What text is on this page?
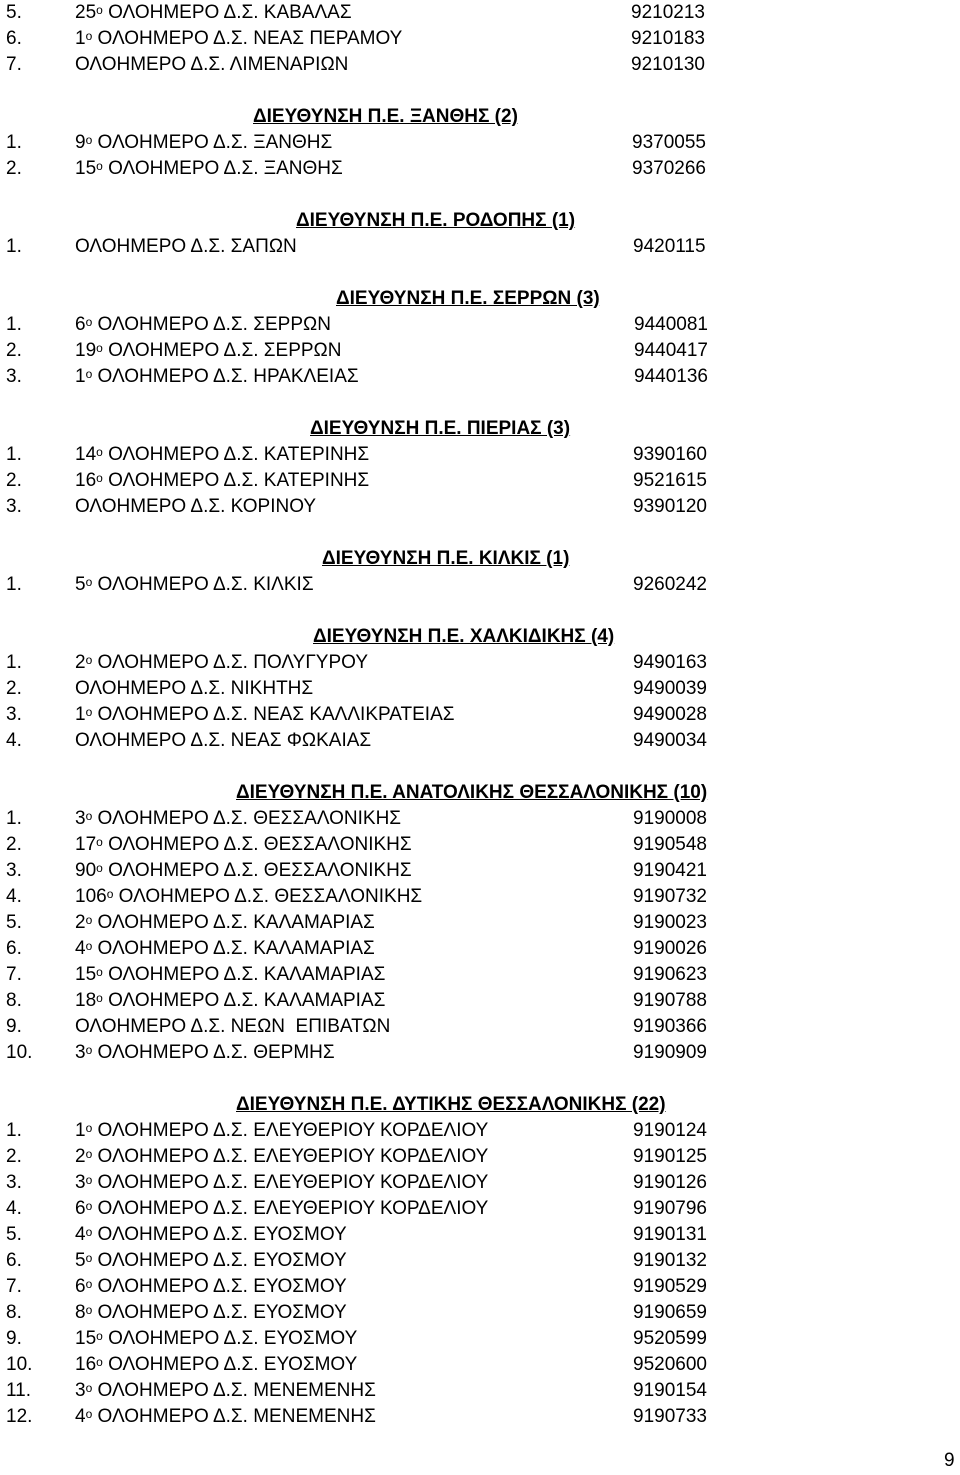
5.	$25^o$ ΟΛΟΗΜΕΡΟ Δ.Σ. ΚΑΒΑΛΑΣ	9210213
6.	$1^o$ ΟΛΟΗΜΕΡΟ Δ.Σ. ΝΕΑΣ ΠΕΡΑΜΟΥ	9210183
7.	ΟΛΟΗΜΕΡΟ Δ.Σ. ΛΙΜΕΝΑΡΙΩΝ	9210130
ΔΙΕΥΘΥΝΣΗ Π.Ε. ΞΑΝΘΗΣ (2)
1.	$9^o$ ΟΛΟΗΜΕΡΟ Δ.Σ. ΞΑΝΘΗΣ	9370055
2.	$15^o$ ΟΛΟΗΜΕΡΟ Δ.Σ. ΞΑΝΘΗΣ	9370266
ΔΙΕΥΘΥΝΣΗ Π.Ε. ΡΟΔΟΠΗΣ (1)
1.	ΟΛΟΗΜΕΡΟ Δ.Σ. ΣΑΠΩΝ	9420115
ΔΙΕΥΘΥΝΣΗ Π.Ε. ΣΕΡΡΩΝ (3)
1.	$6^o$ ΟΛΟΗΜΕΡΟ Δ.Σ. ΣΕΡΡΩΝ	9440081
2.	$19^o$ ΟΛΟΗΜΕΡΟ Δ.Σ. ΣΕΡΡΩΝ	9440417
3.	$1^o$ ΟΛΟΗΜΕΡΟ Δ.Σ. ΗΡΑΚΛΕΙΑΣ	9440136
ΔΙΕΥΘΥΝΣΗ Π.Ε. ΠΙΕΡΙΑΣ (3)
1.	$14^o$ ΟΛΟΗΜΕΡΟ Δ.Σ. ΚΑΤΕΡΙΝΗΣ	9390160
2.	$16^o$ ΟΛΟΗΜΕΡΟ Δ.Σ. ΚΑΤΕΡΙΝΗΣ	9521615
3.	ΟΛΟΗΜΕΡΟ Δ.Σ. ΚΟΡΙΝΟΥ	9390120
ΔΙΕΥΘΥΝΣΗ Π.Ε. ΚΙΛΚΙΣ (1)
1.	$5^o$ ΟΛΟΗΜΕΡΟ Δ.Σ. ΚΙΛΚΙΣ	9260242
ΔΙΕΥΘΥΝΣΗ Π.Ε. ΧΑΛΚΙΔΙΚΗΣ (4)
1.	$2^o$ ΟΛΟΗΜΕΡΟ Δ.Σ. ΠΟΛΥΓΥΡΟΥ	9490163
2.	ΟΛΟΗΜΕΡΟ Δ.Σ. ΝΙΚΗΤΗΣ	9490039
3.	$1^o$ ΟΛΟΗΜΕΡΟ Δ.Σ. ΝΕΑΣ ΚΑΛΛΙΚΡΑΤΕΙΑΣ	9490028
4.	ΟΛΟΗΜΕΡΟ Δ.Σ. ΝΕΑΣ ΦΩΚΑΙΑΣ	9490034
ΔΙΕΥΘΥΝΣΗ Π.Ε. ΑΝΑΤΟΛΙΚΗΣ ΘΕΣΣΑΛΟΝΙΚΗΣ (10)
1.	$3^o$ ΟΛΟΗΜΕΡΟ Δ.Σ. ΘΕΣΣΑΛΟΝΙΚΗΣ	9190008
2.	$17^o$ ΟΛΟΗΜΕΡΟ Δ.Σ. ΘΕΣΣΑΛΟΝΙΚΗΣ	9190548
3.	$90^o$ ΟΛΟΗΜΕΡΟ Δ.Σ. ΘΕΣΣΑΛΟΝΙΚΗΣ	9190421
4.	$106^o$ ΟΛΟΗΜΕΡΟ Δ.Σ. ΘΕΣΣΑΛΟΝΙΚΗΣ	9190732
5.	$2^o$ ΟΛΟΗΜΕΡΟ Δ.Σ. ΚΑΛΑΜΑΡΙΑΣ	9190023
6.	$4^o$ ΟΛΟΗΜΕΡΟ Δ.Σ. ΚΑΛΑΜΑΡΙΑΣ	9190026
7.	$15^o$ ΟΛΟΗΜΕΡΟ Δ.Σ. ΚΑΛΑΜΑΡΙΑΣ	9190623
8.	$18^o$ ΟΛΟΗΜΕΡΟ Δ.Σ. ΚΑΛΑΜΑΡΙΑΣ	9190788
9.	ΟΛΟΗΜΕΡΟ Δ.Σ. ΝΕΩΝ  ΕΠΙΒΑΤΩΝ	9190366
10. $3^o$ ΟΛΟΗΜΕΡΟ Δ.Σ. ΘΕΡΜΗΣ	9190909
ΔΙΕΥΘΥΝΣΗ Π.Ε. ΔΥΤΙΚΗΣ ΘΕΣΣΑΛΟΝΙΚΗΣ (22)
1.	$1^o$ ΟΛΟΗΜΕΡΟ Δ.Σ. ΕΛΕΥΘΕΡΙΟΥ ΚΟΡΔΕΛΙΟΥ	9190124
2.	$2^o$ ΟΛΟΗΜΕΡΟ Δ.Σ. ΕΛΕΥΘΕΡΙΟΥ ΚΟΡΔΕΛΙΟΥ	9190125
3.	$3^o$ ΟΛΟΗΜΕΡΟ Δ.Σ. ΕΛΕΥΘΕΡΙΟΥ ΚΟΡΔΕΛΙΟΥ	9190126
4.	$6^o$ ΟΛΟΗΜΕΡΟ Δ.Σ. ΕΛΕΥΘΕΡΙΟΥ ΚΟΡΔΕΛΙΟΥ	9190796
5.	$4^o$ ΟΛΟΗΜΕΡΟ Δ.Σ. ΕΥΟΣΜΟΥ	9190131
6.	$5^o$ ΟΛΟΗΜΕΡΟ Δ.Σ. ΕΥΟΣΜΟΥ	9190132
7.	$6^o$ ΟΛΟΗΜΕΡΟ Δ.Σ. ΕΥΟΣΜΟΥ	9190529
8.	$8^o$ ΟΛΟΗΜΕΡΟ Δ.Σ. ΕΥΟΣΜΟΥ	9190659
9.	$15^o$ ΟΛΟΗΜΕΡΟ Δ.Σ. ΕΥΟΣΜΟΥ	9520599
10. $16^o$ ΟΛΟΗΜΕΡΟ Δ.Σ. ΕΥΟΣΜΟΥ	9520600
11. $3^o$ ΟΛΟΗΜΕΡΟ Δ.Σ. ΜΕΝΕΜΕΝΗΣ	9190154
12. $4^o$ ΟΛΟΗΜΕΡΟ Δ.Σ. ΜΕΝΕΜΕΝΗΣ	9190733
9
